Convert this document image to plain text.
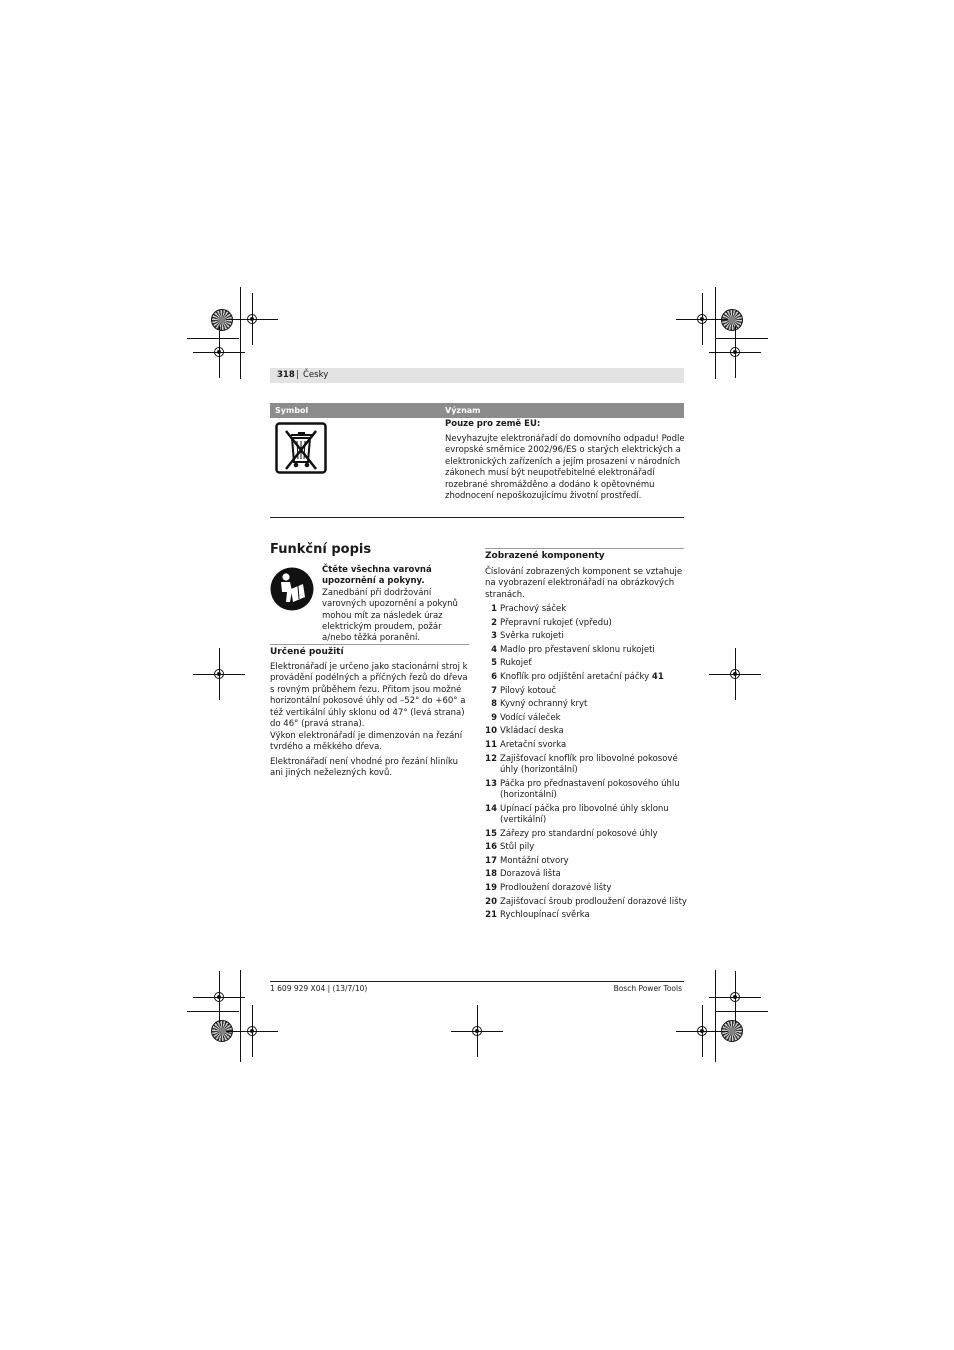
318 | Česky
Symbol	Význam
Pouze pro země EU:
Nevyhazujte elektronářadí do domovního odpadu! Podle evropské směrnice 2002/96/ES o starých elektrických a elektronických zařízeních a jejím prosazení v národních zákonech musí být neupotřebitelné elektronářadí rozebrané shromážděno a dodáno k opětovnému zhodnocení nepoškozujícímu životní prostředí.
Funkční popis

Čtěte všechna varovná upozornění a pokyny. Zanedbání při dodržování varovných upozornění a pokynů mohou mít za následek úraz elektrickým proudem, požár a/nebo těžká poranění.

Určené použití

Elektronářadí je určeno jako stacionární stroj k provádění podélných a příčných řezů do dřeva s rovným průběhem řezu. Přitom jsou možné horizontální pokosové úhly od –52° do +60° a též vertikální úhly sklonu od 47° (levá strana) do 46° (pravá strana).

Výkon elektronářadí je dimenzován na řezání tvrdého a měkkého dřeva.

Elektronářadí není vhodné pro řezání hliníku ani jiných neželezných kovů.

Zobrazené komponenty

Číslování zobrazených komponent se vztahuje na vyobrazení elektronářadí na obrázkových stranách.

1 Prachový sáček
2 Přepravní rukojeť (vpředu)
3 Svěrka rukojeti
4 Madlo pro přestavení sklonu rukojeti
5 Rukojeť
6 Knoflík pro odjištění aretační páčky 41
7 Pilový kotouč
8 Kyvný ochranný kryt
9 Vodící váleček
10 Vkládací deska
11 Aretační svorka
12 Zajišťovací knoflík pro libovolné pokosové úhly (horizontální)
13 Páčka pro přednastavení pokosového úhlu (horizontální)
14 Upínací páčka pro libovolné úhly sklonu (vertikální)
15 Zářezy pro standardní pokosové úhly
16 Stůl pily
17 Montážní otvory
18 Dorazová lišta
19 Prodloužení dorazové lišty
20 Zajišťovací šroub prodloužení dorazové lišty
21 Rychloupínací svěrka
1 609 929 X04 | (13/7/10)	Bosch Power Tools
